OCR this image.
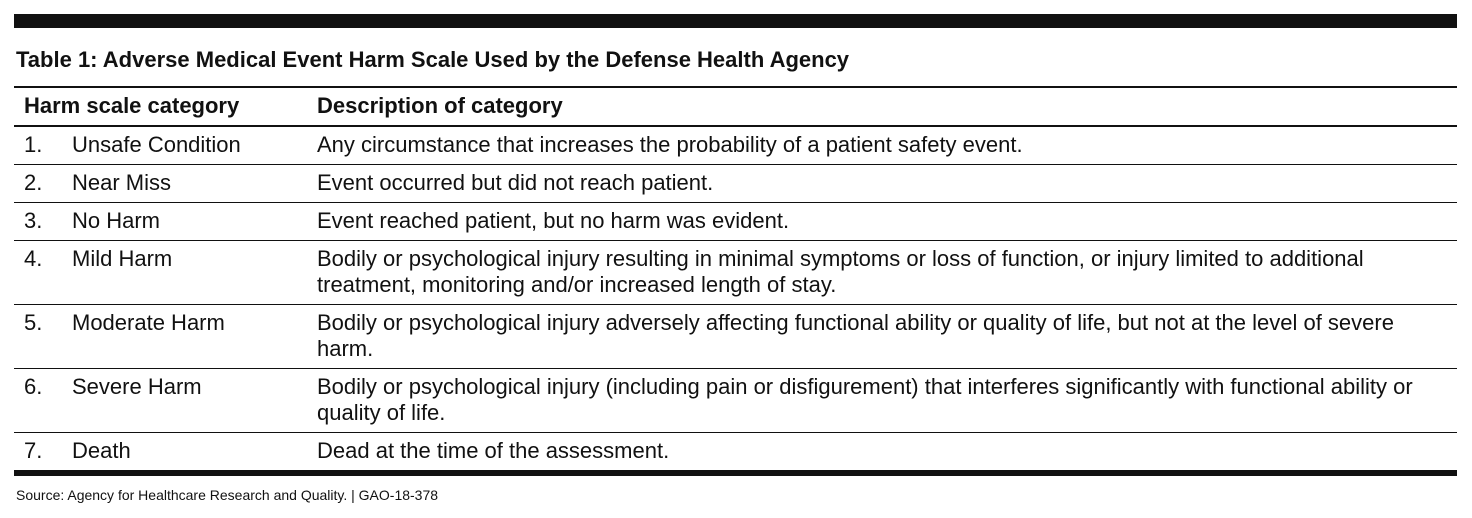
Table 1: Adverse Medical Event Harm Scale Used by the Defense Health Agency
Harm scale category	Description of category
1. Unsafe Condition	Any circumstance that increases the probability of a patient safety event.
2. Near Miss	Event occurred but did not reach patient.
3. No Harm	Event reached patient, but no harm was evident.
4. Mild Harm	Bodily or psychological injury resulting in minimal symptoms or loss of function, or injury limited to additional treatment, monitoring and/or increased length of stay.
5. Moderate Harm	Bodily or psychological injury adversely affecting functional ability or quality of life, but not at the level of severe harm.
6. Severe Harm	Bodily or psychological injury (including pain or disfigurement) that interferes significantly with functional ability or quality of life.
7. Death	Dead at the time of the assessment.
Source: Agency for Healthcare Research and Quality. | GAO-18-378
